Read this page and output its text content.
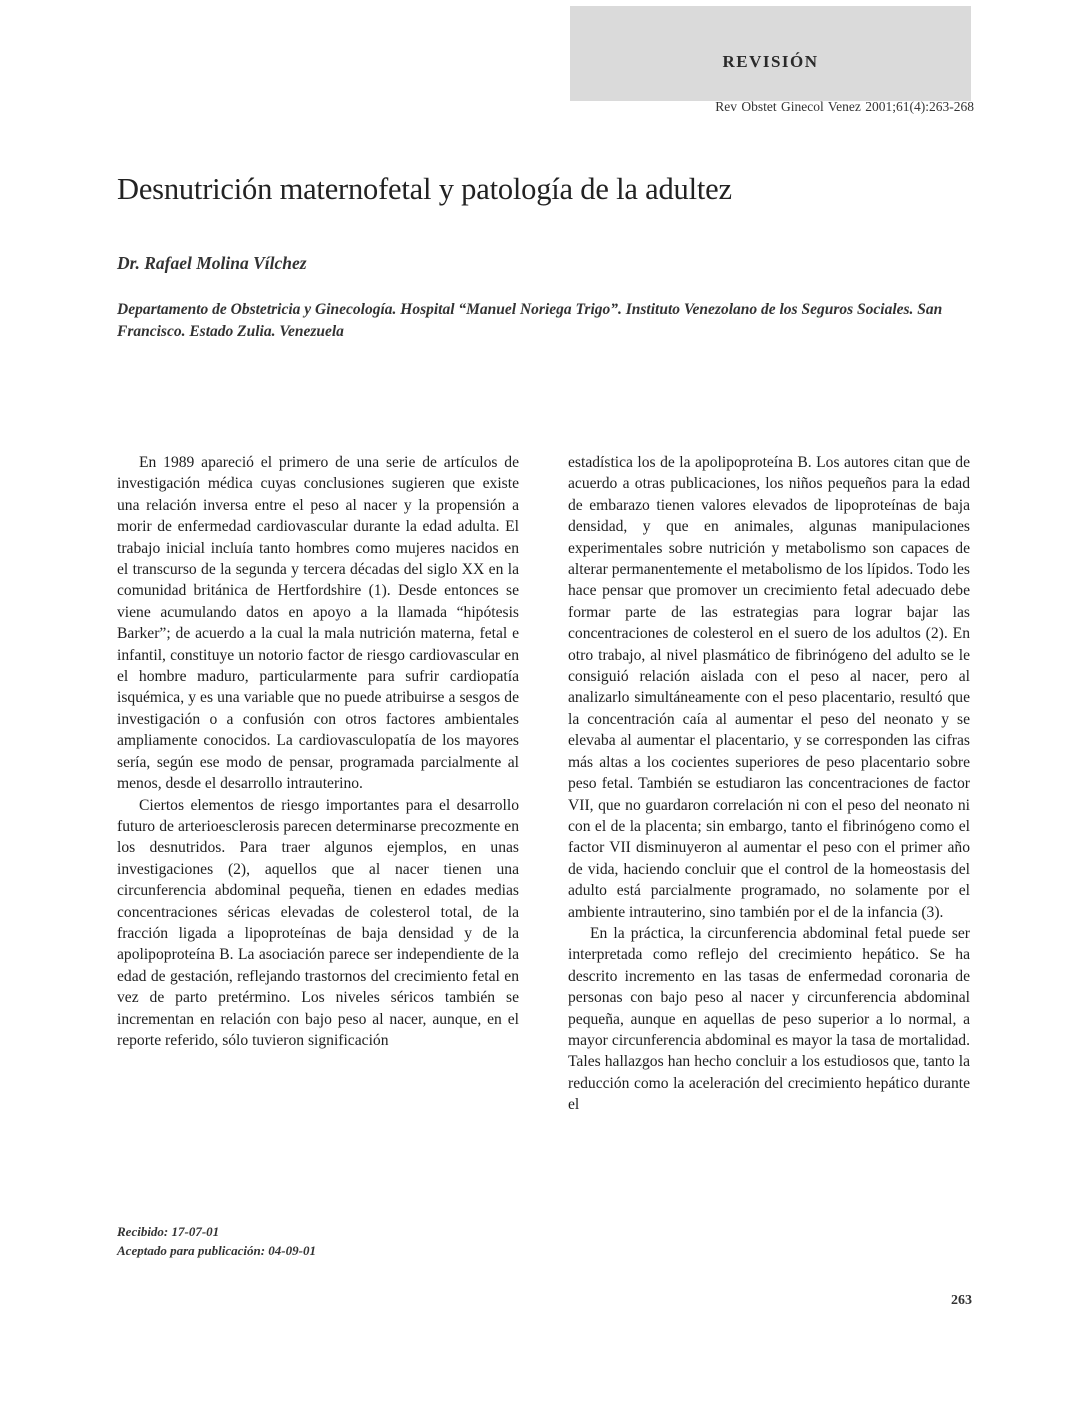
REVISIÓN
Rev Obstet Ginecol Venez 2001;61(4):263-268
Desnutrición maternofetal y patología de la adultez
Dr. Rafael Molina Vílchez
Departamento de Obstetricia y Ginecología. Hospital “Manuel Noriega Trigo”. Instituto Venezolano de los Seguros Sociales. San Francisco. Estado Zulia. Venezuela

En 1989 apareció el primero de una serie de artículos de investigación médica cuyas conclusiones sugieren que existe una relación inversa entre el peso al nacer y la propensión a morir de enfermedad cardiovascular durante la edad adulta. El trabajo inicial incluía tanto hombres como mujeres nacidos en el transcurso de la segunda y tercera décadas del siglo XX en la comunidad británica de Hertfordshire (1). Desde entonces se viene acumulando datos en apoyo a la llamada “hipótesis Barker”; de acuerdo a la cual la mala nutrición materna, fetal e infantil, constituye un notorio factor de riesgo cardiovascular en el hombre maduro, particularmente para sufrir cardiopatía isquémica, y es una variable que no puede atribuirse a sesgos de investigación o a confusión con otros factores ambientales ampliamente conocidos. La cardiovasculopatía de los mayores sería, según ese modo de pensar, programada parcialmente al menos, desde el desarrollo intrauterino.

Ciertos elementos de riesgo importantes para el desarrollo futuro de arterioesclerosis parecen determinarse precozmente en los desnutridos. Para traer algunos ejemplos, en unas investigaciones (2), aquellos que al nacer tienen una circunferencia abdominal pequeña, tienen en edades medias concentraciones séricas elevadas de colesterol total, de la fracción ligada a lipoproteínas de baja densidad y de la apolipoproteína B. La asociación parece ser independiente de la edad de gestación, reflejando trastornos del crecimiento fetal en vez de parto pretérmino. Los niveles séricos también se incrementan en relación con bajo peso al nacer, aunque, en el reporte referido, sólo tuvieron significación

estadística los de la apolipoproteína B. Los autores citan que de acuerdo a otras publicaciones, los niños pequeños para la edad de embarazo tienen valores elevados de lipoproteínas de baja densidad, y que en animales, algunas manipulaciones experimentales sobre nutrición y metabolismo son capaces de alterar permanentemente el metabolismo de los lípidos. Todo les hace pensar que promover un crecimiento fetal adecuado debe formar parte de las estrategias para lograr bajar las concentraciones de colesterol en el suero de los adultos (2). En otro trabajo, al nivel plasmático de fibrinógeno del adulto se le consiguió relación aislada con el peso al nacer, pero al analizarlo simultáneamente con el peso placentario, resultó que la concentración caía al aumentar el peso del neonato y se elevaba al aumentar el placentario, y se corresponden las cifras más altas a los cocientes superiores de peso placentario sobre peso fetal. También se estudiaron las concentraciones de factor VII, que no guardaron correlación ni con el peso del neonato ni con el de la placenta; sin embargo, tanto el fibrinógeno como el factor VII disminuyeron al aumentar el peso con el primer año de vida, haciendo concluir que el control de la homeostasis del adulto está parcialmente programado, no solamente por el ambiente intrauterino, sino también por el de la infancia (3).

En la práctica, la circunferencia abdominal fetal puede ser interpretada como reflejo del crecimiento hepático. Se ha descrito incremento en las tasas de enfermedad coronaria de personas con bajo peso al nacer y circunferencia abdominal pequeña, aunque en aquellas de peso superior a lo normal, a mayor circunferencia abdominal es mayor la tasa de mortalidad. Tales hallazgos han hecho concluir a los estudiosos que, tanto la reducción como la aceleración del crecimiento hepático durante el

Recibido: 17-07-01
Aceptado para publicación: 04-09-01
263
